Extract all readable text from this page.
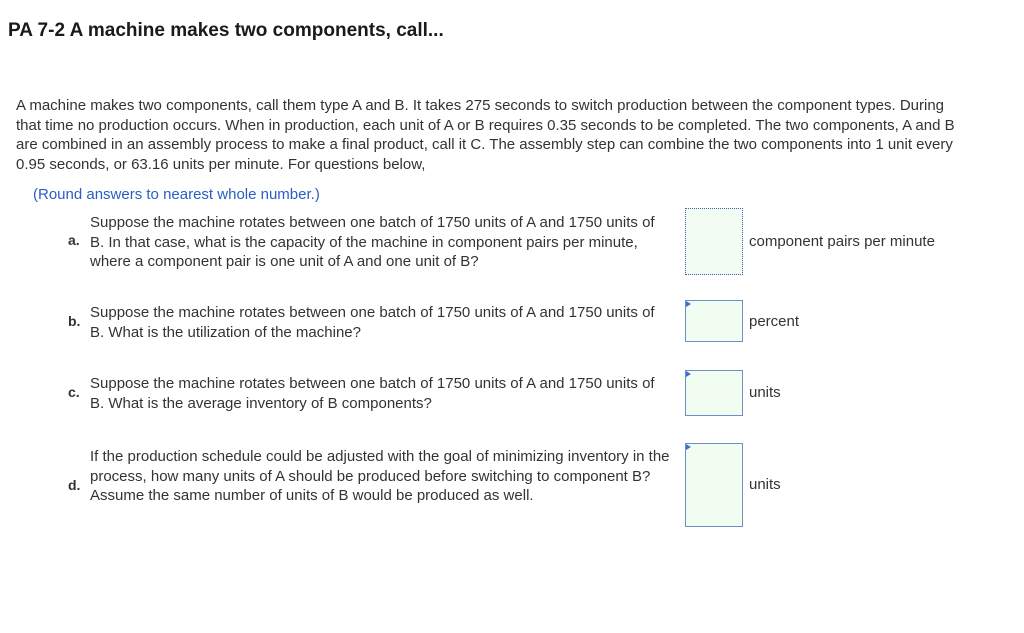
PA 7-2 A machine makes two components, call...
A machine makes two components, call them type A and B. It takes 275 seconds to switch production between the component types. During that time no production occurs. When in production, each unit of A or B requires 0.35 seconds to be completed. The two components, A and B are combined in an assembly process to make a final product, call it C. The assembly step can combine the two components into 1 unit every 0.95 seconds, or 63.16 units per minute. For questions below,
(Round answers to nearest whole number.)
a.
Suppose the machine rotates between one batch of 1750 units of A and 1750 units of B. In that case, what is the capacity of the machine in component pairs per minute, where a component pair is one unit of A and one unit of B?
component pairs per minute
b. Suppose the machine rotates between one batch of 1750 units of A and 1750 units of B. What is the utilization of the machine?
percent
c. Suppose the machine rotates between one batch of 1750 units of A and 1750 units of B. What is the average inventory of B components?
units
d.
If the production schedule could be adjusted with the goal of minimizing inventory in the process, how many units of A should be produced before switching to component B? Assume the same number of units of B would be produced as well.
units
